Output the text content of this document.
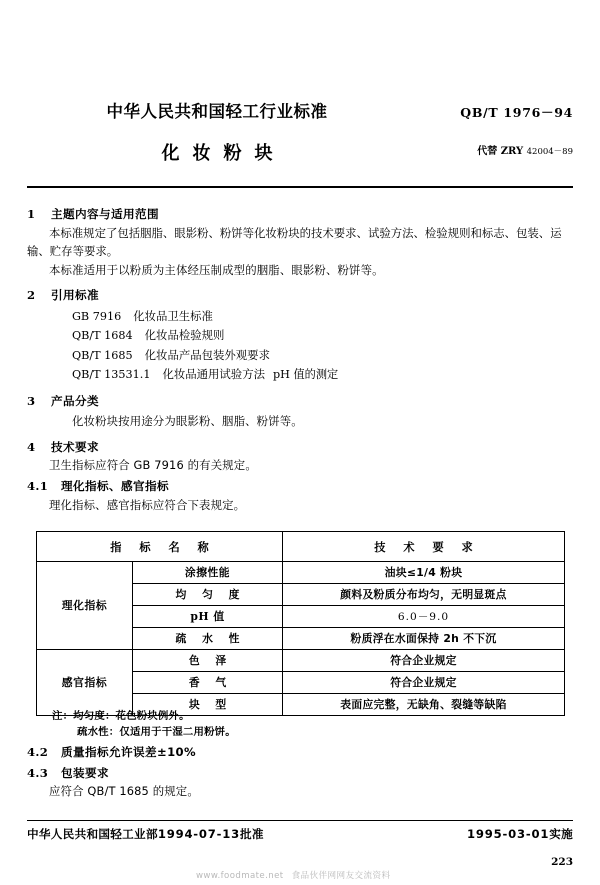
中华人民共和国轻工行业标准
化妆粉块
QB/T 1976－94
代替 ZRY 42004－89
1 主题内容与适用范围

本标准规定了包括胭脂、眼影粉、粉饼等化妆粉块的技术要求、试验方法、检验规则和标志、包装、运

输、贮存等要求。

本标准适用于以粉质为主体经压制成型的胭脂、眼影粉、粉饼等。

2 引用标准
GB 7916 化妆品卫生标准
QB/T 1684 化妆品检验规则
QB/T 1685 化妆品产品包装外观要求
QB/T 13531.1 化妆品通用试验方法 pH 值的测定
3 产品分类

化妆粉块按用途分为眼影粉、胭脂、粉饼等。

4 技术要求

卫生指标应符合 GB 7916 的有关规定。

4.1 理化指标、感官指标

理化指标、感官指标应符合下表规定。

指 标 名 称		技 术 要 求
理化指标	涂擦性能	油块≤1/4 粉块
	均 匀 度	颜料及粉质分布均匀，无明显斑点
	pH 值	6.0－9.0
	疏 水 性	粉质浮在水面保持 2h 不下沉
感官指标	色 泽	符合企业规定
	香 气	符合企业规定
	块 型	表面应完整，无缺角、裂缝等缺陷
注：均匀度：花色粉块例外。
疏水性：仅适用于干湿二用粉饼。
4.2 质量指标允许误差±10%
4.3 包装要求

应符合 QB/T 1685 的规定。

中华人民共和国轻工业部1994-07-13批准	1995-03-01实施
223
www.foodmate.net 食品伙伴网网友交流资料
